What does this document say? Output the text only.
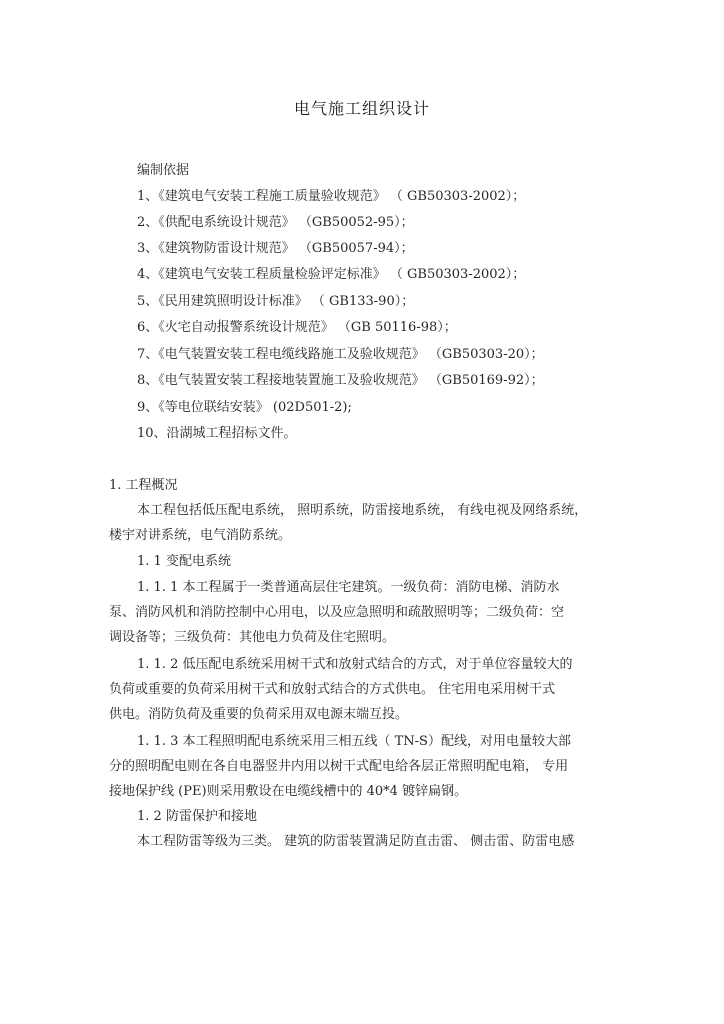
电气施工组织设计
编制依据
1、《建筑电气安装工程施工质量验收规范》 （ GB50303-2002）；
2、《供配电系统设计规范》 （GB50052-95）；
3、《建筑物防雷设计规范》 （GB50057-94）；
4、《建筑电气安装工程质量检验评定标准》 （ GB50303-2002）；
5、《民用建筑照明设计标准》 （ GB133-90）；
6、《火宅自动报警系统设计规范》 （GB 50116-98）；
7、《电气装置安装工程电缆线路施工及验收规范》 （GB50303-20）；
8、《电气装置安装工程接地装置施工及验收规范》 （GB50169-92）；
9、《等电位联结安装》 (02D501-2);
10、沿湖城工程招标文件。
1. 工程概况
本工程包括低压配电系统， 照明系统，防雷接地系统， 有线电视及网络系统，
楼宇对讲系统，电气消防系统。
1. 1 变配电系统
1. 1. 1 本工程属于一类普通高层住宅建筑。一级负荷：消防电梯、消防水
泵、消防风机和消防控制中心用电，以及应急照明和疏散照明等；二级负荷：空
调设备等；三级负荷：其他电力负荷及住宅照明。
1. 1. 2 低压配电系统采用树干式和放射式结合的方式，对于单位容量较大的
负荷或重要的负荷采用树干式和放射式结合的方式供电。 住宅用电采用树干式
供电。消防负荷及重要的负荷采用双电源末端互投。
1. 1. 3 本工程照明配电系统采用三相五线（ TN-S）配线，对用电量较大部
分的照明配电则在各自电器竖井内用以树干式配电给各层正常照明配电箱， 专用
接地保护线 (PE)则采用敷设在电缆线槽中的 40*4 镀锌扁钢。
1. 2 防雷保护和接地
本工程防雷等级为三类。 建筑的防雷装置满足防直击雷、 侧击雷、防雷电感
